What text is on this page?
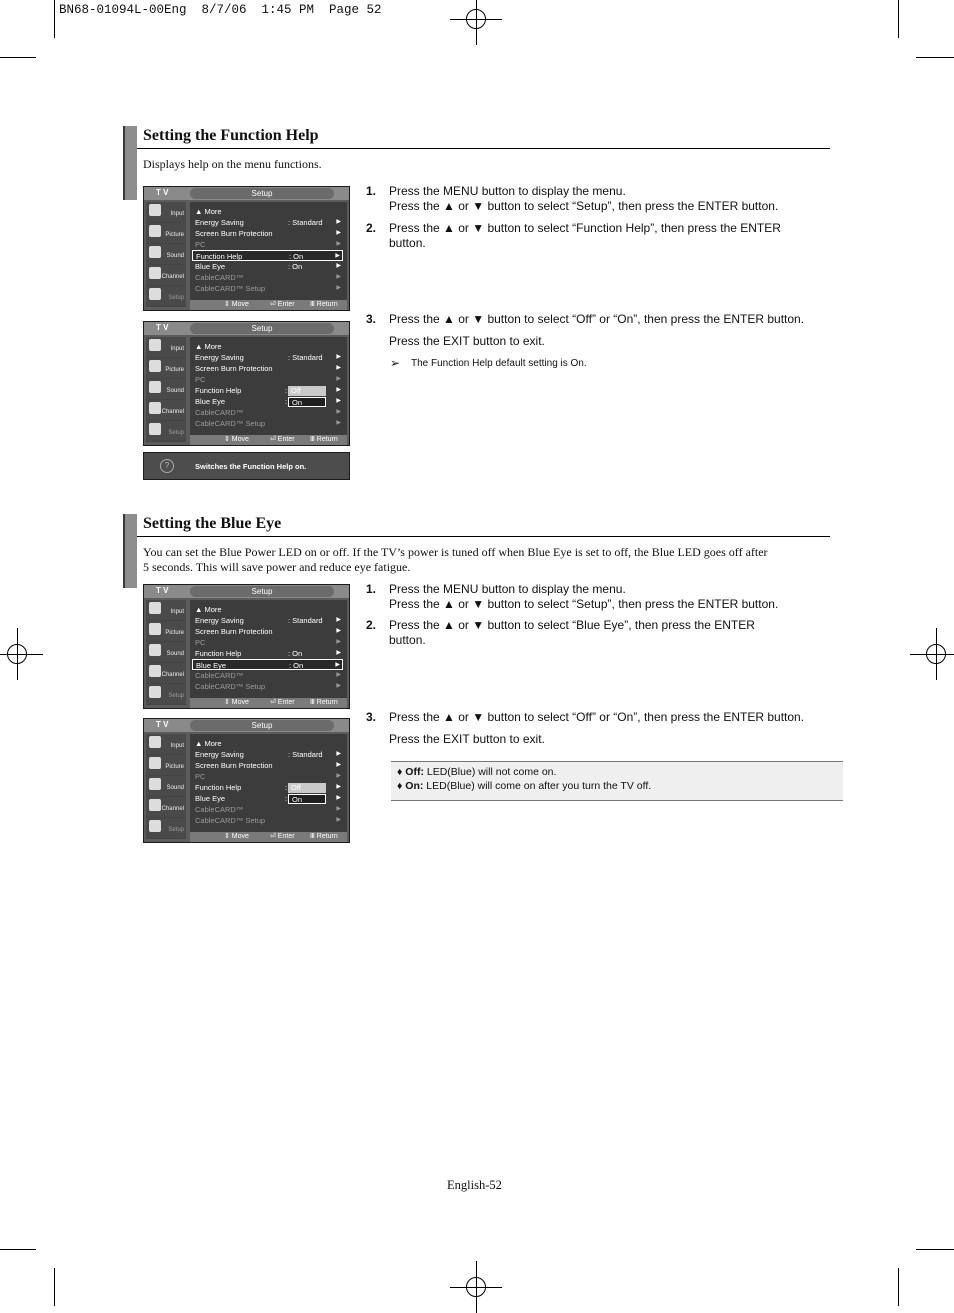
BN68-01094L-00Eng  8/7/06  1:45 PM  Page 52
Setting the Function Help
Displays help on the menu functions.
T V	Setup
Input
Picture
Sound
Channel
Setup
▲ More
Energy Saving	: Standard ▶
Screen Burn Protection	▶
PC	▶
Function Help	: On	▶
Blue Eye	: On	▶
CableCARD™	▶
CableCARD™ Setup	▶
⇕ Move	⏎ Enter Ⅲ Return
T V	Setup
Input
Picture
Sound
Channel
Setup
▲ More
Energy Saving	: Standard ▶
Screen Burn Protection	▶
PC	▶
Function Help	:	▶
Blue Eye	:	▶
Off
On
CableCARD™	▶
CableCARD™ Setup	▶
⇕ Move	⏎ Enter Ⅲ Return
?	Switches the Function Help on.
1. Press the MENU button to display the menu.
Press the ▲ or ▼ button to select “Setup”, then press the ENTER button.
2. Press the ▲ or ▼ button to select “Function Help”, then press the ENTER
button.
3. Press the ▲ or ▼ button to select “Off” or “On”, then press the ENTER button.
Press the EXIT button to exit.
➢ The Function Help default setting is On.
Setting the Blue Eye
You can set the Blue Power LED on or off. If the TV’s power is tuned off when Blue Eye is set to off, the Blue LED goes off after
5 seconds. This will save power and reduce eye fatigue.
T V	Setup
Input
Picture
Sound
Channel
Setup
▲ More
Energy Saving	: Standard ▶
Screen Burn Protection	▶
PC	▶
Function Help	: On	▶
Blue Eye	: On	▶
CableCARD™	▶
CableCARD™ Setup	▶
⇕ Move	⏎ Enter Ⅲ Return
T V	Setup
Input
Picture
Sound
Channel
Setup
▲ More
Energy Saving	: Standard ▶
Screen Burn Protection	▶
PC	▶
Function Help	:	▶
Blue Eye	:	▶
Off
On
CableCARD™	▶
CableCARD™ Setup	▶
⇕ Move	⏎ Enter Ⅲ Return
1. Press the MENU button to display the menu.
Press the ▲ or ▼ button to select “Setup”, then press the ENTER button.
2. Press the ▲ or ▼ button to select “Blue Eye”, then press the ENTER
button.
3. Press the ▲ or ▼ button to select “Off” or “On”, then press the ENTER button.
Press the EXIT button to exit.
♦ Off: LED(Blue) will not come on.
♦ On: LED(Blue) will come on after you turn the TV off.
English-52
